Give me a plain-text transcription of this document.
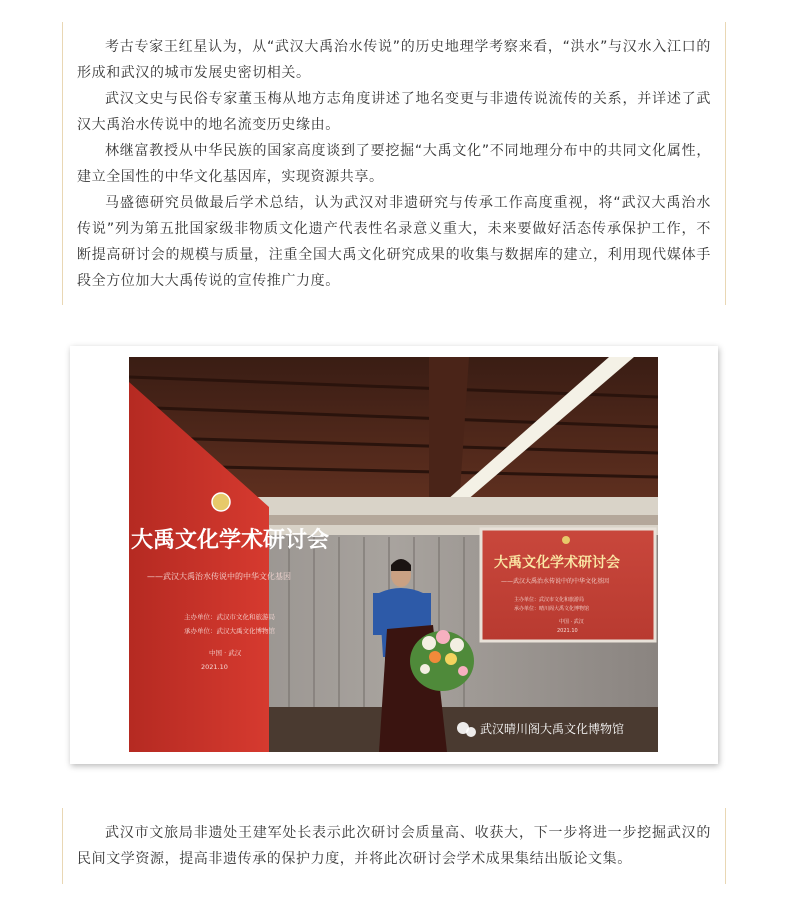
考古专家王红星认为，从“武汉大禹治水传说”的历史地理学考察来看，“洪水”与汉水入江口的形成和武汉的城市发展史密切相关。

武汉文史与民俗专家董玉梅从地方志角度讲述了地名变更与非遗传说流传的关系，并详述了武汉大禹治水传说中的地名流变历史缘由。

林继富教授从中华民族的国家高度谈到了要挖掘“大禹文化”不同地理分布中的共同文化属性，建立全国性的中华文化基因库，实现资源共享。

马盛德研究员做最后学术总结，认为武汉对非遗研究与传承工作高度重视，将“武汉大禹治水传说”列为第五批国家级非物质文化遗产代表性名录意义重大，未来要做好活态传承保护工作，不断提高研讨会的规模与质量，注重全国大禹文化研究成果的收集与数据库的建立，利用现代媒体手段全方位加大大禹传说的宣传推广力度。

大禹文化学术研讨会
——武汉大禹治水传说中的中华文化基因
主办单位：武汉市文化和旅游局
承办单位：武汉大禹文化博物馆
中国 · 武汉
2021.10
大禹文化学术研讨会
——武汉大禹治水传说中的中华文化基因
主办单位：武汉市文化和旅游局
承办单位：晴川阁大禹文化博物馆
中国 · 武汉
2021.10
武汉晴川阁大禹文化博物馆

武汉市文旅局非遗处王建军处长表示此次研讨会质量高、收获大，下一步将进一步挖掘武汉的民间文学资源，提高非遗传承的保护力度，并将此次研讨会学术成果集结出版论文集。
